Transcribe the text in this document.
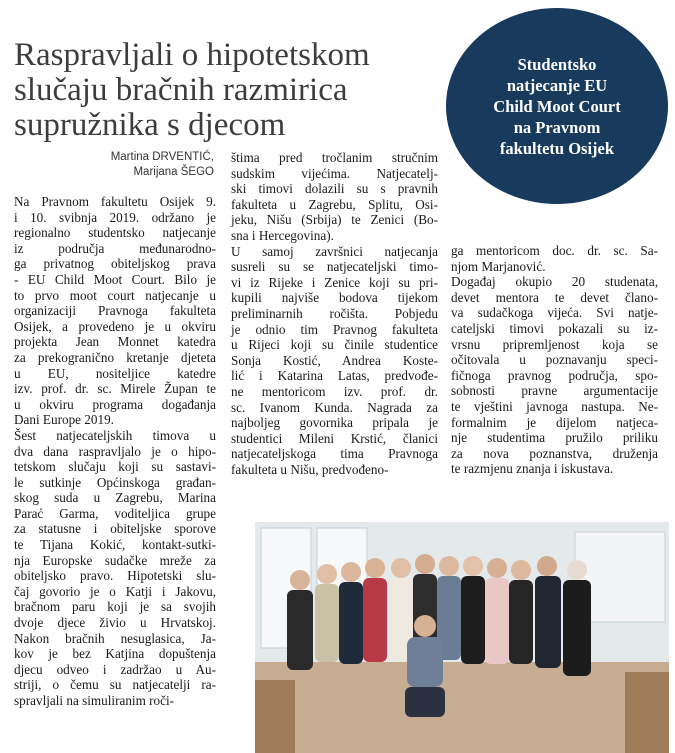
Raspravljali o hipotetskom
slučaju bračnih razmirica
supružnika s djecom
Studentsko
natjecanje EU
Child Moot Court
na Pravnom
fakultetu Osijek
Martina DRVENTIĆ,
Marijana ŠEGO
Na Pravnom fakultetu Osijek 9.
i 10. svibnja 2019. održano je
regionalno studentsko natjecanje
iz područja međunarodno-
ga privatnog obiteljskog prava
- EU Child Moot Court. Bilo je
to prvo moot court natjecanje u
organizaciji Pravnoga fakulteta
Osijek, a provedeno je u okviru
projekta Jean Monnet katedra
za prekogranično kretanje djeteta
u EU, nositeljice katedre
izv. prof. dr. sc. Mirele Župan te
u okviru programa događanja
Dani Europe 2019.
Šest natjecateljskih timova u
dva dana raspravljalo je o hipo-
tetskom slučaju koji su sastavi-
le sutkinje Općinskoga građan-
skog suda u Zagrebu, Marina
Parać Garma, voditeljica grupe
za statusne i obiteljske sporove
te Tijana Kokić, kontakt-sutki-
nja Europske sudačke mreže za
obiteljsko pravo. Hipotetski slu-
čaj govorio je o Katji i Jakovu,
bračnom paru koji je sa svojih
dvoje djece živio u Hrvatskoj.
Nakon bračnih nesuglasica, Ja-
kov je bez Katjina dopuštenja
djecu odveo i zadržao u Au-
striji, o čemu su natjecatelji ra-
spravljali na simuliranim roči-
štima pred tročlanim stručnim
sudskim vijećima. Natjecatelj-
ski timovi dolazili su s pravnih
fakulteta u Zagrebu, Splitu, Osi-
jeku, Nišu (Srbija) te Zenici (Bo-
sna i Hercegovina).
U samoj završnici natjecanja
susreli su se natjecateljski timo-
vi iz Rijeke i Zenice koji su pri-
kupili najviše bodova tijekom
preliminarnih ročišta. Pobjedu
je odnio tim Pravnog fakulteta
u Rijeci koji su činile studentice
Sonja Kostić, Andrea Koste-
lić i Katarina Latas, predvođe-
ne mentoricom izv. prof. dr.
sc. Ivanom Kunda. Nagrada za
najboljeg govornika pripala je
studentici Mileni Krstić, članici
natjecateljskoga tima Pravnoga
fakulteta u Nišu, predvođeno-
ga mentoricom doc. dr. sc. Sa-
njom Marjanović.
Događaj okupio 20 studenata,
devet mentora te devet člano-
va sudačkoga vijeća. Svi natje-
cateljski timovi pokazali su iz-
vrsnu pripremljenost koja se
očitovala u poznavanju speci-
fičnoga pravnog područja, spo-
sobnosti pravne argumentacije
te vještini javnoga nastupa. Ne-
formalnim je dijelom natjeca-
nje studentima pružilo priliku
za nova poznanstva, druženja
te razmjenu znanja i iskustava.
